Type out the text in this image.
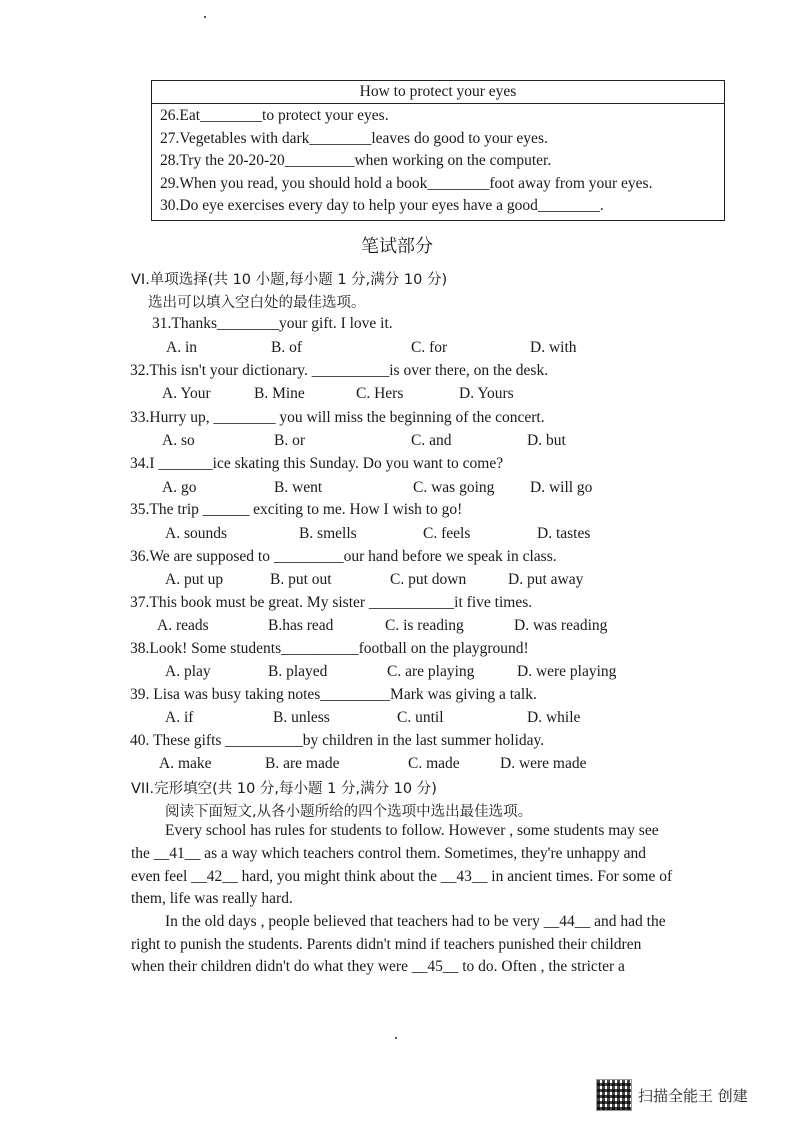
How to protect your eyes

26.Eat________to protect your eyes.
27.Vegetables with dark________leaves do good to your eyes.
28.Try the 20-20-20_________when working on the computer.
29.When you read, you should hold a book________foot away from your eyes.
30.Do eye exercises every day to help your eyes have a good________.
笔试部分
VI.单项选择(共 10 小题,每小题 1 分,满分 10 分)
选出可以填入空白处的最佳选项。
31.Thanks________your gift. I love it.
A. in	B. of	C. for	D. with
32.This isn't your dictionary. __________is over there, on the desk.
A. Your	B. Mine	C. Hers	D. Yours
33.Hurry up, ________ you will miss the beginning of the concert.
A. so	B. or	C. and	D. but
34.I _______ice skating this Sunday. Do you want to come?
A. go	B. went	C. was going D. will go
35.The trip ______ exciting to me. How I wish to go!
A. sounds	B. smells	C. feels	D. tastes
36.We are supposed to _________our hand before we speak in class.
A. put up	B. put out	C. put down	D. put away
37.This book must be great. My sister ___________it five times.
A. reads	B.has read	C. is reading	D. was reading
38.Look! Some students__________football on the playground!
A. play	B. played	C. are playing	D. were playing
39. Lisa was busy taking notes_________Mark was giving a talk.
A. if	B. unless	C. until	D. while
40. These gifts __________by children in the last summer holiday.
A. make	B. are made	C. made	D. were made
VII.完形填空(共 10 分,每小题 1 分,满分 10 分)
阅读下面短文,从各小题所给的四个选项中选出最佳选项。
Every school has rules for students to follow. However , some students may see
the __41__ as a way which teachers control them. Sometimes, they're unhappy and
even feel __42__ hard, you might think about the __43__ in ancient times. For some of
them, life was really hard.
In the old days , people believed that teachers had to be very __44__ and had the
right to punish the students. Parents didn't mind if teachers punished their children
when their children didn't do what they were __45__ to do. Often , the stricter a
扫描全能王 创建
